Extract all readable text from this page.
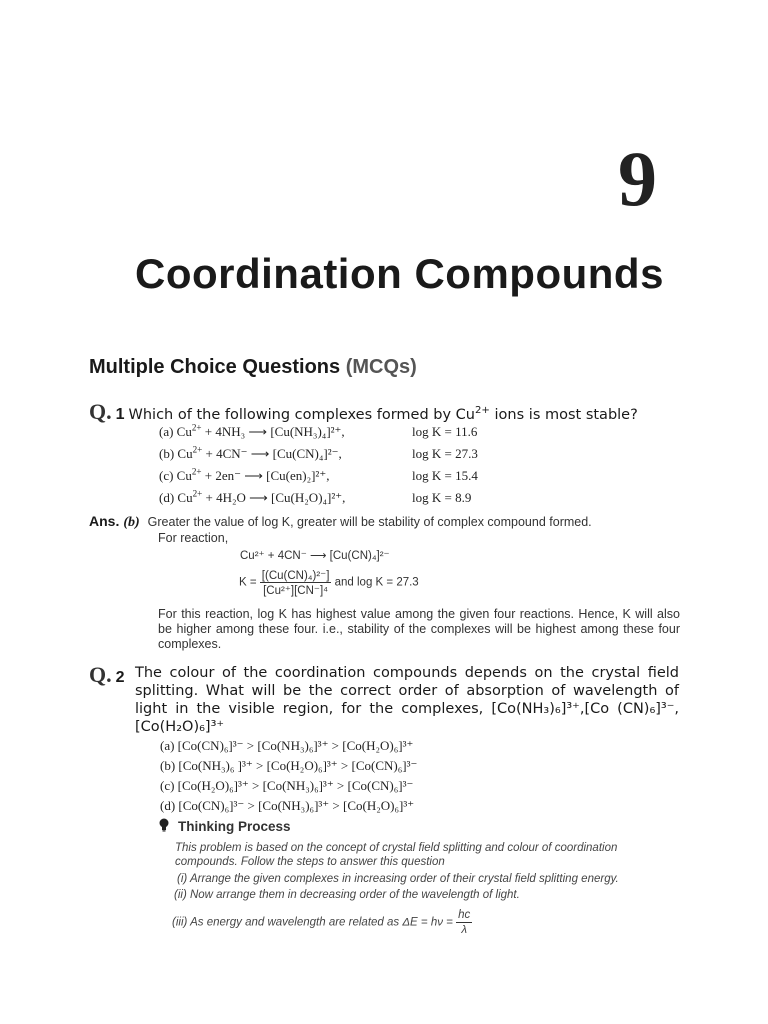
9
Coordination Compounds
Multiple Choice Questions (MCQs)
Q. 1 Which of the following complexes formed by $Cu^{2+}$ ions is most stable?
(a) $Cu^{2+} + 4NH_3$ ⟶ [Cu(NH₃)₄]²⁺,	log K = 11.6
(b) $Cu^{2+} + 4CN^-$ ⟶ [Cu(CN)₄]²⁻,	log K = 27.3
(c) $Cu^{2+} + 2en^-$ ⟶ [Cu(en)₂]²⁺,	log K = 15.4
(d) $Cu^{2+} + 4H_2O$ ⟶ [Cu(H₂O)₄]²⁺,	log K = 8.9
Ans. (b) Greater the value of log K, greater will be stability of complex compound formed.
For reaction,
Cu²⁺ + 4CN⁻ ⟶ [Cu(CN)₄]²⁻
$K = \frac{\text{[(Cu(CN)₄)²⁻]}}{\text{[Cu²⁺][CN⁻]⁴}}$ and log K = 27.3
For this reaction, log K has highest value among the given four reactions. Hence, K will also be higher among these four. i.e., stability of the complexes will be highest among these four complexes.
Q. 2 The colour of the coordination compounds depends on the crystal field splitting. What will be the correct order of absorption of wavelength of light in the visible region, for the complexes, [Co(NH₃)₆]³⁺,[Co (CN)₆]³⁻, [Co(H₂O)₆]³⁺
(a) [Co(CN)₆]³⁻ > [Co(NH₃)₆]³⁺ > [Co(H₂O)₆]³⁺
(b) [Co(NH₃)₆ ]³⁺ > [Co(H₂O)₆]³⁺ > [Co(CN)₆]³⁻
(c) [Co(H₂O)₆]³⁺ > [Co(NH₃)₆]³⁺ > [Co(CN)₆]³⁻
(d) [Co(CN)₆]³⁻ > [Co(NH₃)₆]³⁺ > [Co(H₂O)₆]³⁺
Thinking Process
This problem is based on the concept of crystal field splitting and colour of coordination
compounds. Follow the steps to answer this question
(i) Arrange the given complexes in increasing order of their crystal field splitting energy.
(ii) Now arrange them in decreasing order of the wavelength of light.
(iii) As energy and wavelength are related as $\Delta E = h\nu = \frac{hc}{\lambda}$
